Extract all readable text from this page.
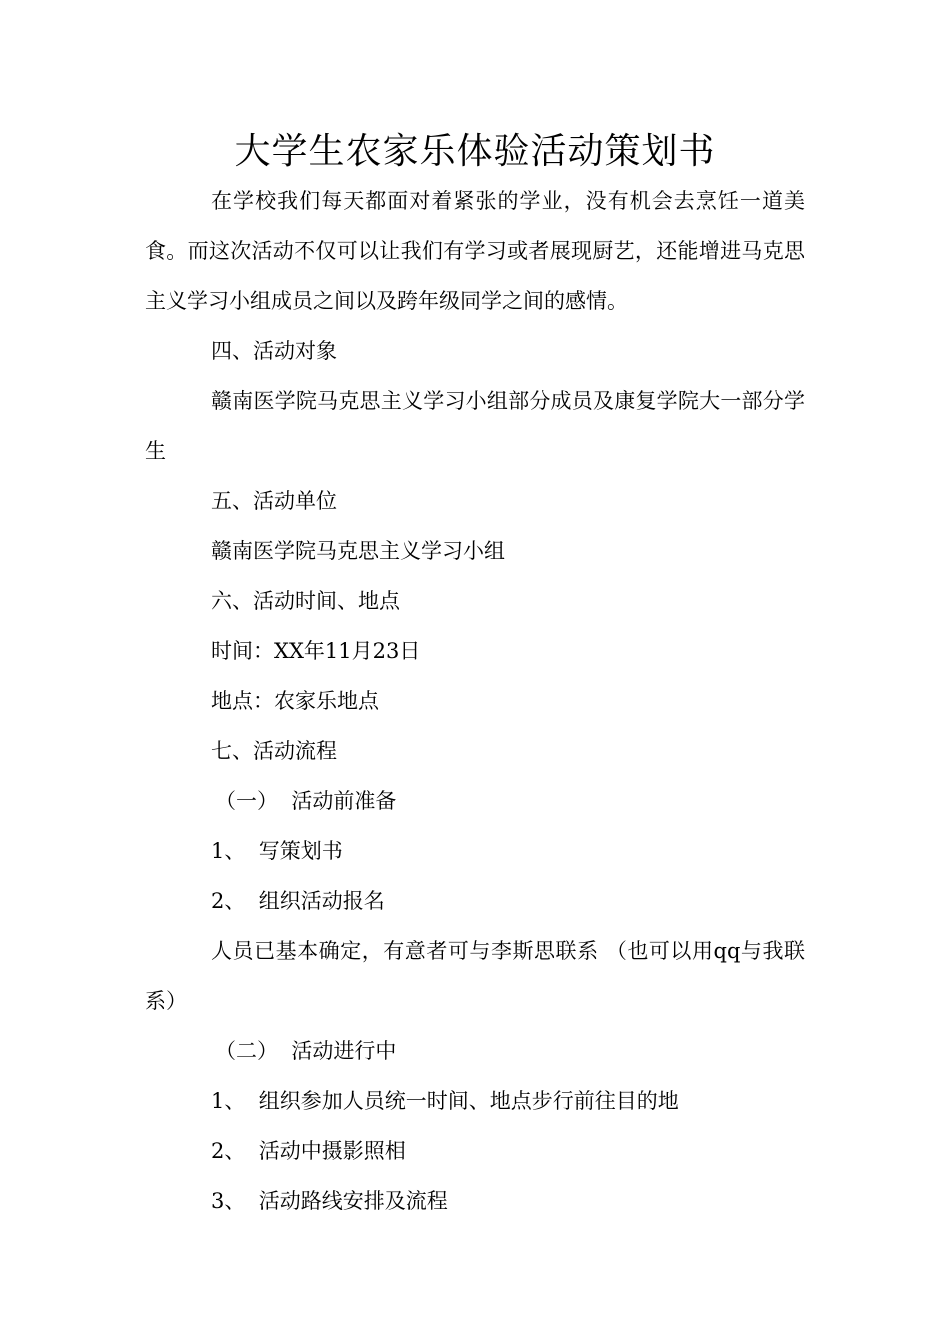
大学生农家乐体验活动策划书

在学校我们每天都面对着紧张的学业，没有机会去烹饪一道美食。而这次活动不仅可以让我们有学习或者展现厨艺，还能增进马克思主义学习小组成员之间以及跨年级同学之间的感情。

四、活动对象

赣南医学院马克思主义学习小组部分成员及康复学院大一部分学生

五、活动单位

赣南医学院马克思主义学习小组

六、活动时间、地点

时间：XX年11月23日

地点：农家乐地点

七、活动流程

（一）  活动前准备

1、  写策划书

2、  组织活动报名

人员已基本确定，有意者可与李斯思联系 （也可以用qq与我联系）

（二）  活动进行中

1、  组织参加人员统一时间、地点步行前往目的地

2、  活动中摄影照相

3、  活动路线安排及流程
